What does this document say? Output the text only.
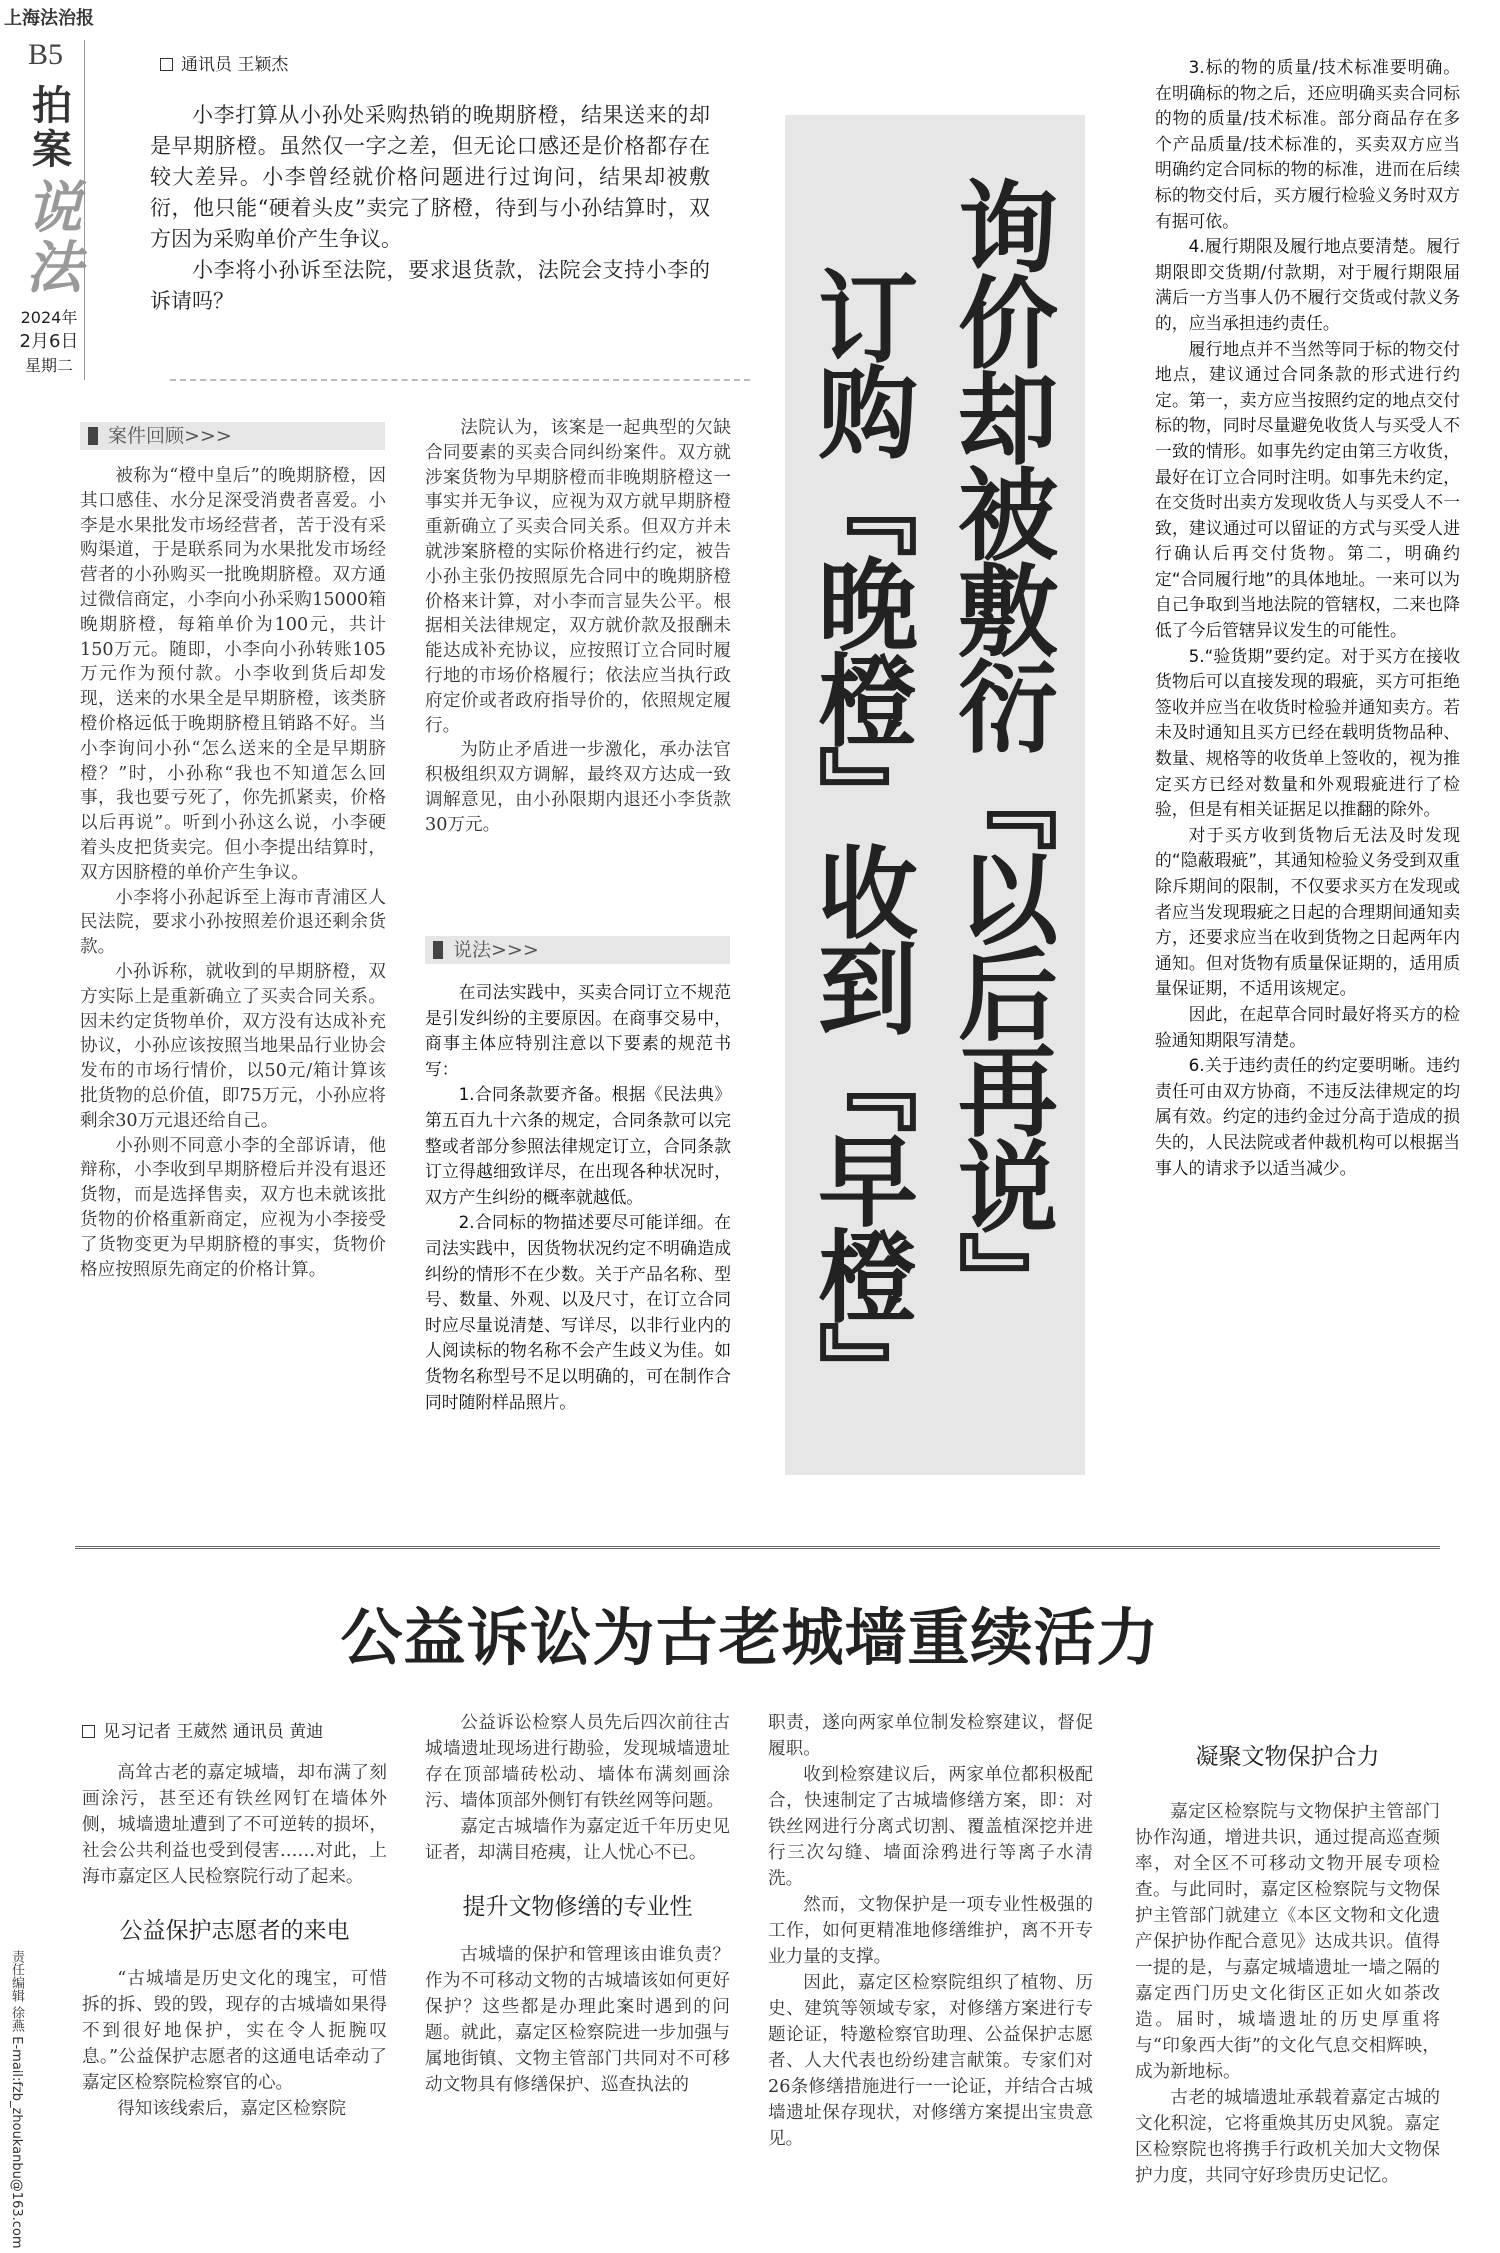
上海法治报
B5
拍案
说法
2024年
2月6日
星期二
责任编辑 徐燕 E-mail:fzb_zhoukanbu@163.com
通讯员 王颖杰

小李打算从小孙处采购热销的晚期脐橙，结果送来的却是早期脐橙。虽然仅一字之差，但无论口感还是价格都存在较大差异。小李曾经就价格问题进行过询问，结果却被敷衍，他只能“硬着头皮”卖完了脐橙，待到与小孙结算时，双方因为采购单价产生争议。

小李将小孙诉至法院，要求退货款，法院会支持小李的诉请吗？	询价却被敷衍『以后再说』
订购『晚橙』收到『早橙』
案件回顾>>>

被称为“橙中皇后”的晚期脐橙，因其口感佳、水分足深受消费者喜爱。小李是水果批发市场经营者，苦于没有采购渠道，于是联系同为水果批发市场经营者的小孙购买一批晚期脐橙。双方通过微信商定，小李向小孙采购15000箱晚期脐橙，每箱单价为100元，共计150万元。随即，小李向小孙转账105万元作为预付款。小李收到货后却发现，送来的水果全是早期脐橙，该类脐橙价格远低于晚期脐橙且销路不好。当小李询问小孙“怎么送来的全是早期脐橙？”时，小孙称“我也不知道怎么回事，我也要亏死了，你先抓紧卖，价格以后再说”。听到小孙这么说，小李硬着头皮把货卖完。但小李提出结算时，双方因脐橙的单价产生争议。

小李将小孙起诉至上海市青浦区人民法院，要求小孙按照差价退还剩余货款。

小孙诉称，就收到的早期脐橙，双方实际上是重新确立了买卖合同关系。因未约定货物单价，双方没有达成补充协议，小孙应该按照当地果品行业协会发布的市场行情价，以50元/箱计算该批货物的总价值，即75万元，小孙应将剩余30万元退还给自己。

小孙则不同意小李的全部诉请，他辩称，小李收到早期脐橙后并没有退还货物，而是选择售卖，双方也未就该批货物的价格重新商定，应视为小李接受了货物变更为早期脐橙的事实，货物价格应按照原先商定的价格计算。

法院认为，该案是一起典型的欠缺合同要素的买卖合同纠纷案件。双方就涉案货物为早期脐橙而非晚期脐橙这一事实并无争议，应视为双方就早期脐橙重新确立了买卖合同关系。但双方并未就涉案脐橙的实际价格进行约定，被告小孙主张仍按照原先合同中的晚期脐橙价格来计算，对小李而言显失公平。根据相关法律规定，双方就价款及报酬未能达成补充协议，应按照订立合同时履行地的市场价格履行；依法应当执行政府定价或者政府指导价的，依照规定履行。

为防止矛盾进一步激化，承办法官积极组织双方调解，最终双方达成一致调解意见，由小孙限期内退还小李货款30万元。

说法>>>

在司法实践中，买卖合同订立不规范是引发纠纷的主要原因。在商事交易中，商事主体应特别注意以下要素的规范书写：

1.合同条款要齐备。根据《民法典》第五百九十六条的规定，合同条款可以完整或者部分参照法律规定订立，合同条款订立得越细致详尽，在出现各种状况时，双方产生纠纷的概率就越低。

2.合同标的物描述要尽可能详细。在司法实践中，因货物状况约定不明确造成纠纷的情形不在少数。关于产品名称、型号、数量、外观、以及尺寸，在订立合同时应尽量说清楚、写详尽，以非行业内的人阅读标的物名称不会产生歧义为佳。如货物名称型号不足以明确的，可在制作合同时随附样品照片。

3.标的物的质量/技术标准要明确。在明确标的物之后，还应明确买卖合同标的物的质量/技术标准。部分商品存在多个产品质量/技术标准的，买卖双方应当明确约定合同标的物的标准，进而在后续标的物交付后，买方履行检验义务时双方有据可依。

4.履行期限及履行地点要清楚。履行期限即交货期/付款期，对于履行期限届满后一方当事人仍不履行交货或付款义务的，应当承担违约责任。

履行地点并不当然等同于标的物交付地点，建议通过合同条款的形式进行约定。第一，卖方应当按照约定的地点交付标的物，同时尽量避免收货人与买受人不一致的情形。如事先约定由第三方收货，最好在订立合同时注明。如事先未约定，在交货时出卖方发现收货人与买受人不一致，建议通过可以留证的方式与买受人进行确认后再交付货物。第二，明确约定“合同履行地”的具体地址。一来可以为自己争取到当地法院的管辖权，二来也降低了今后管辖异议发生的可能性。

5.“验货期”要约定。对于买方在接收货物后可以直接发现的瑕疵，买方可拒绝签收并应当在收货时检验并通知卖方。若未及时通知且买方已经在载明货物品种、数量、规格等的收货单上签收的，视为推定买方已经对数量和外观瑕疵进行了检验，但是有相关证据足以推翻的除外。

对于买方收到货物后无法及时发现的“隐蔽瑕疵”，其通知检验义务受到双重除斥期间的限制，不仅要求买方在发现或者应当发现瑕疵之日起的合理期间通知卖方，还要求应当在收到货物之日起两年内通知。但对货物有质量保证期的，适用质量保证期，不适用该规定。

因此，在起草合同时最好将买方的检验通知期限写清楚。

6.关于违约责任的约定要明晰。违约责任可由双方协商，不违反法律规定的均属有效。约定的违约金过分高于造成的损失的，人民法院或者仲裁机构可以根据当事人的请求予以适当减少。

公益诉讼为古老城墙重续活力
见习记者 王葳然 通讯员 黄迪

高耸古老的嘉定城墙，却布满了刻画涂污，甚至还有铁丝网钉在墙体外侧，城墙遗址遭到了不可逆转的损坏，社会公共利益也受到侵害……对此，上海市嘉定区人民检察院行动了起来。

公益保护志愿者的来电

“古城墙是历史文化的瑰宝，可惜拆的拆、毁的毁，现存的古城墙如果得不到很好地保护，实在令人扼腕叹息。”公益保护志愿者的这通电话牵动了嘉定区检察院检察官的心。

得知该线索后，嘉定区检察院

公益诉讼检察人员先后四次前往古城墙遗址现场进行勘验，发现城墙遗址存在顶部墙砖松动、墙体布满刻画涂污、墙体顶部外侧钉有铁丝网等问题。

嘉定古城墙作为嘉定近千年历史见证者，却满目疮痍，让人忧心不已。

提升文物修缮的专业性

古城墙的保护和管理该由谁负责？作为不可移动文物的古城墙该如何更好保护？这些都是办理此案时遇到的问题。就此，嘉定区检察院进一步加强与属地街镇、文物主管部门共同对不可移动文物具有修缮保护、巡查执法的

职责，遂向两家单位制发检察建议，督促履职。

收到检察建议后，两家单位都积极配合，快速制定了古城墙修缮方案，即：对铁丝网进行分离式切割、覆盖植深挖并进行三次勾缝、墙面涂鸦进行等离子水清洗。

然而，文物保护是一项专业性极强的工作，如何更精准地修缮维护，离不开专业力量的支撑。

因此，嘉定区检察院组织了植物、历史、建筑等领域专家，对修缮方案进行专题论证，特邀检察官助理、公益保护志愿者、人大代表也纷纷建言献策。专家们对26条修缮措施进行一一论证，并结合古城墙遗址保存现状，对修缮方案提出宝贵意见。

凝聚文物保护合力

嘉定区检察院与文物保护主管部门协作沟通，增进共识，通过提高巡查频率，对全区不可移动文物开展专项检查。与此同时，嘉定区检察院与文物保护主管部门就建立《本区文物和文化遗产保护协作配合意见》达成共识。值得一提的是，与嘉定城墙遗址一墙之隔的嘉定西门历史文化街区正如火如荼改造。届时，城墙遗址的历史厚重将与“印象西大街”的文化气息交相辉映，成为新地标。

古老的城墙遗址承载着嘉定古城的文化积淀，它将重焕其历史风貌。嘉定区检察院也将携手行政机关加大文物保护力度，共同守好珍贵历史记忆。
